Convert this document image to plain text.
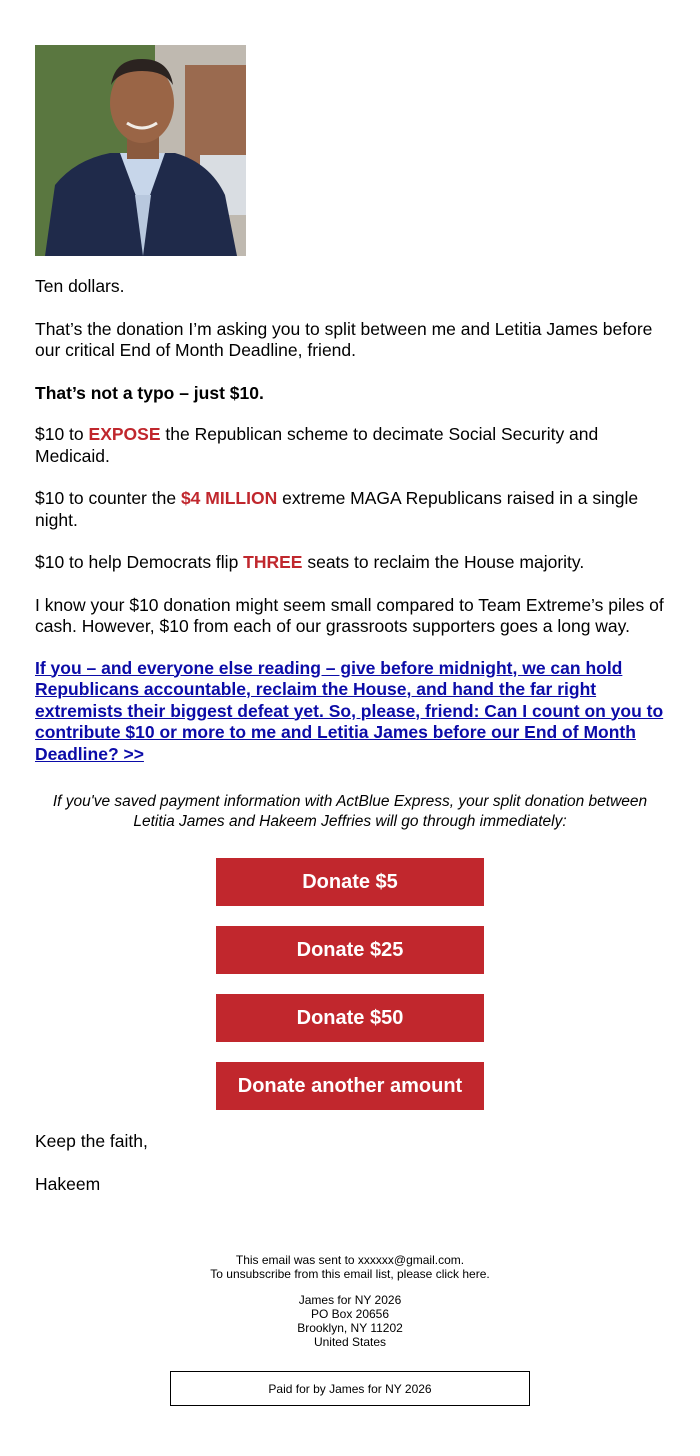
Ten dollars.

That’s the donation I’m asking you to split between me and Letitia James before our critical End of Month Deadline, friend.

That’s not a typo – just $10.

$10 to EXPOSE the Republican scheme to decimate Social Security and Medicaid.

$10 to counter the $4 MILLION extreme MAGA Republicans raised in a single night.

$10 to help Democrats flip THREE seats to reclaim the House majority.

I know your $10 donation might seem small compared to Team Extreme’s piles of cash. However, $10 from each of our grassroots supporters goes a long way.

If you – and everyone else reading – give before midnight, we can hold Republicans accountable, reclaim the House, and hand the far right extremists their biggest defeat yet. So, please, friend: Can I count on you to contribute $10 or more to me and Letitia James before our End of Month Deadline? >>

If you've saved payment information with ActBlue Express, your split donation between Letitia James and Hakeem Jeffries will go through immediately:

Donate $5
Donate $25
Donate $50
Donate another amount

Keep the faith,

Hakeem

This email was sent to xxxxxx@gmail.com.
To unsubscribe from this email list, please click here.
James for NY 2026
PO Box 20656
Brooklyn, NY 11202
United States
Paid for by James for NY 2026
